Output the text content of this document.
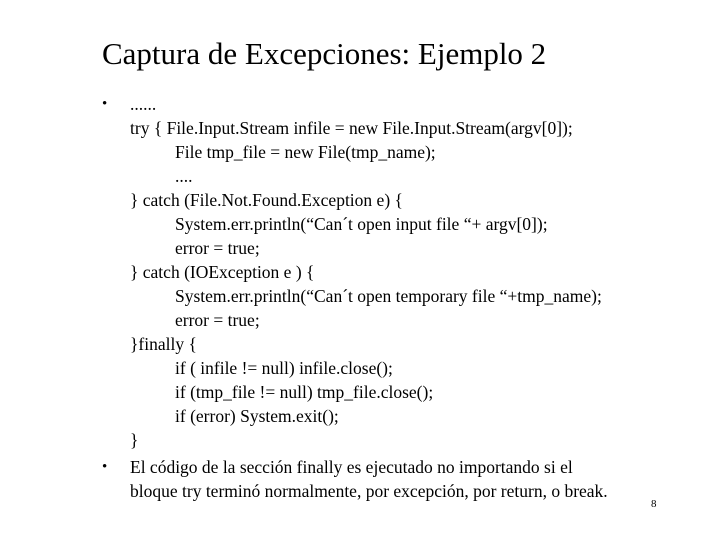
Captura de Excepciones: Ejemplo 2
• ......
try { File.Input.Stream infile = new File.Input.Stream(argv[0]);
File tmp_file = new File(tmp_name);
....
} catch (File.Not.Found.Exception e) {
System.err.println(“Can´t open input file “+ argv[0]);
error = true;
} catch (IOException e ) {
System.err.println(“Can´t open temporary file “+tmp_name);
error = true;
}finally {
if ( infile != null) infile.close();
if (tmp_file != null) tmp_file.close();
if (error) System.exit();
}
• El código de la sección finally es ejecutado no importando si el
bloque try terminó normalmente, por excepción, por return, o break.
8
